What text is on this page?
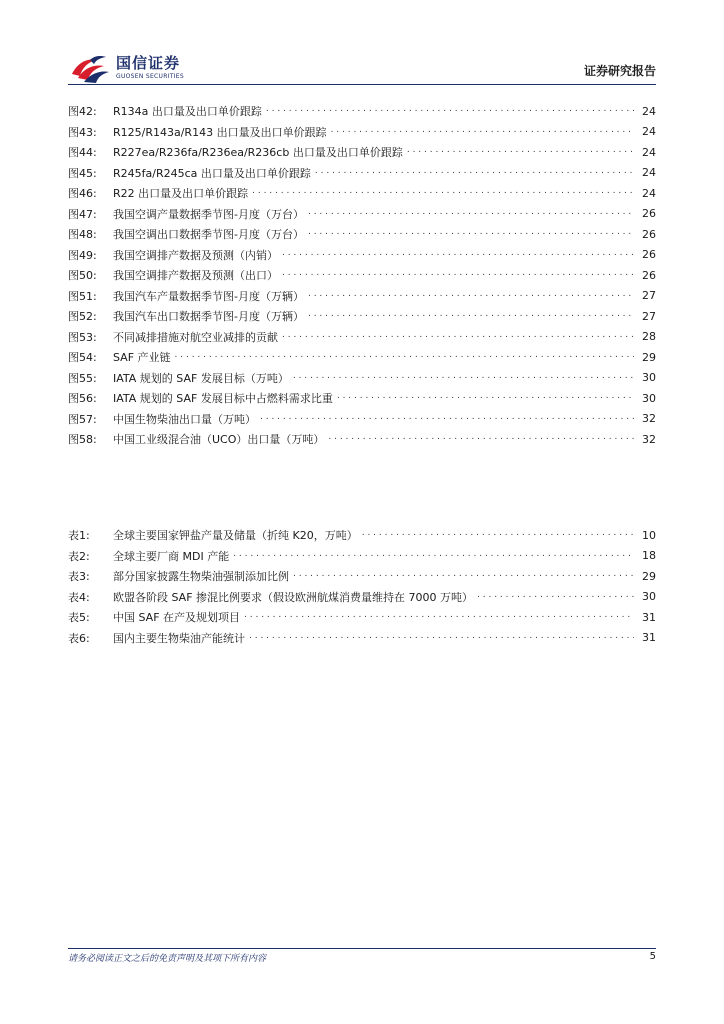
国信证券
GUOSEN SECURITIES	证券研究报告
图42:	R134a 出口量及出口单价跟踪 . . .	24
图43:	R125/R143a/R143 出口量及出口单价跟踪 . . .	24
图44:	R227ea/R236fa/R236ea/R236cb 出口量及出口单价跟踪 . . .	24
图45:	R245fa/R245ca 出口量及出口单价跟踪 . . .	24
图46:	R22 出口量及出口单价跟踪 . . .	24
图47:	我国空调产量数据季节图-月度（万台） . . .	26
图48:	我国空调出口数据季节图-月度（万台） . . .	26
图49:	我国空调排产数据及预测（内销） . . .	26
图50:	我国空调排产数据及预测（出口） . . .	26
图51:	我国汽车产量数据季节图-月度（万辆） . . .	27
图52:	我国汽车出口数据季节图-月度（万辆） . . .	27
图53:	不同减排措施对航空业减排的贡献 . . .	28
图54:	SAF 产业链 . . .	29
图55:	IATA 规划的 SAF 发展目标（万吨） . . .	30
图56:	IATA 规划的 SAF 发展目标中占燃料需求比重 . . .	30
图57:	中国生物柴油出口量（万吨） . . .	32
图58:	中国工业级混合油（UCO）出口量（万吨） . . .	32
表1:	全球主要国家钾盐产量及储量（折纯 K20，万吨） . . .	10
表2:	全球主要厂商 MDI 产能 . . .	18
表3:	部分国家披露生物柴油强制添加比例 . . .	29
表4:	欧盟各阶段 SAF 掺混比例要求（假设欧洲航煤消费量维持在 7000 万吨） . . .	30
表5:	中国 SAF 在产及规划项目 . . .	31
表6:	国内主要生物柴油产能统计 . . .	31
请务必阅读正文之后的免责声明及其项下所有内容	5
